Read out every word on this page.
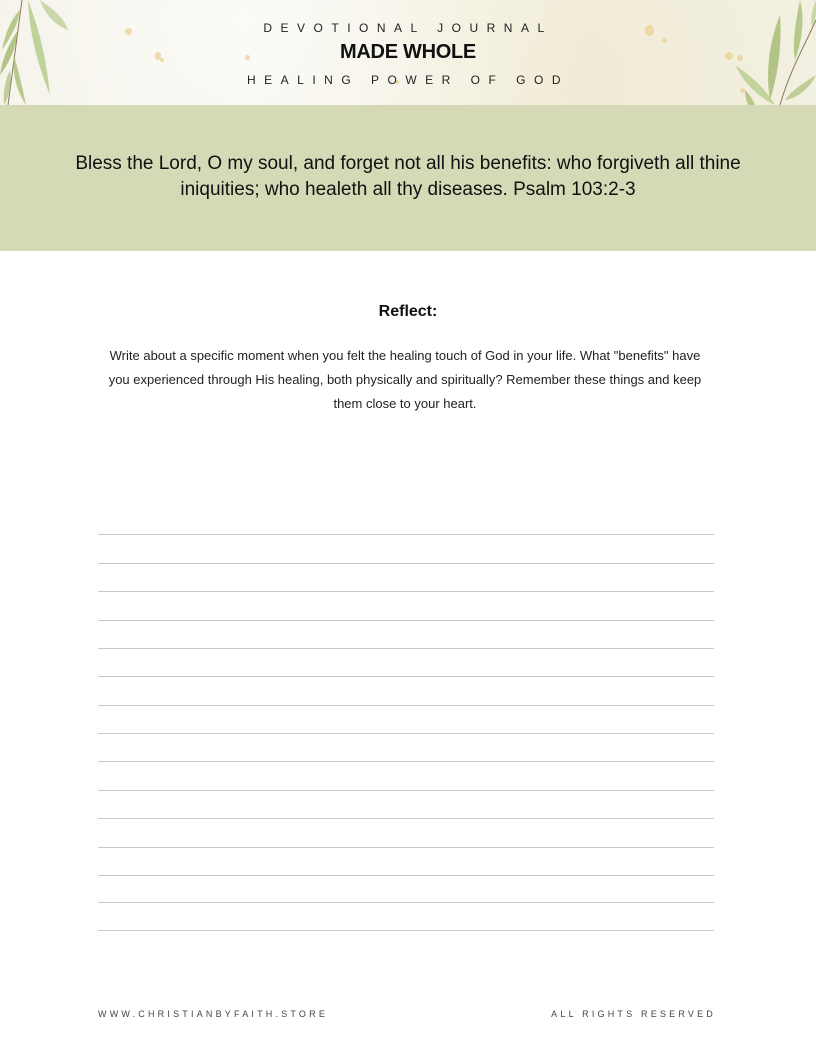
DEVOTIONAL JOURNAL
MADE WHOLE
HEALING POWER OF GOD
Bless the Lord, O my soul, and forget not all his benefits: who forgiveth all thine iniquities; who healeth all thy diseases. Psalm 103:2-3
Reflect:
Write about a specific moment when you felt the healing touch of God in your life. What "benefits" have you experienced through His healing, both physically and spiritually? Remember these things and keep them close to your heart.
WWW.CHRISTIANBYFAITH.STORE	ALL RIGHTS RESERVED
